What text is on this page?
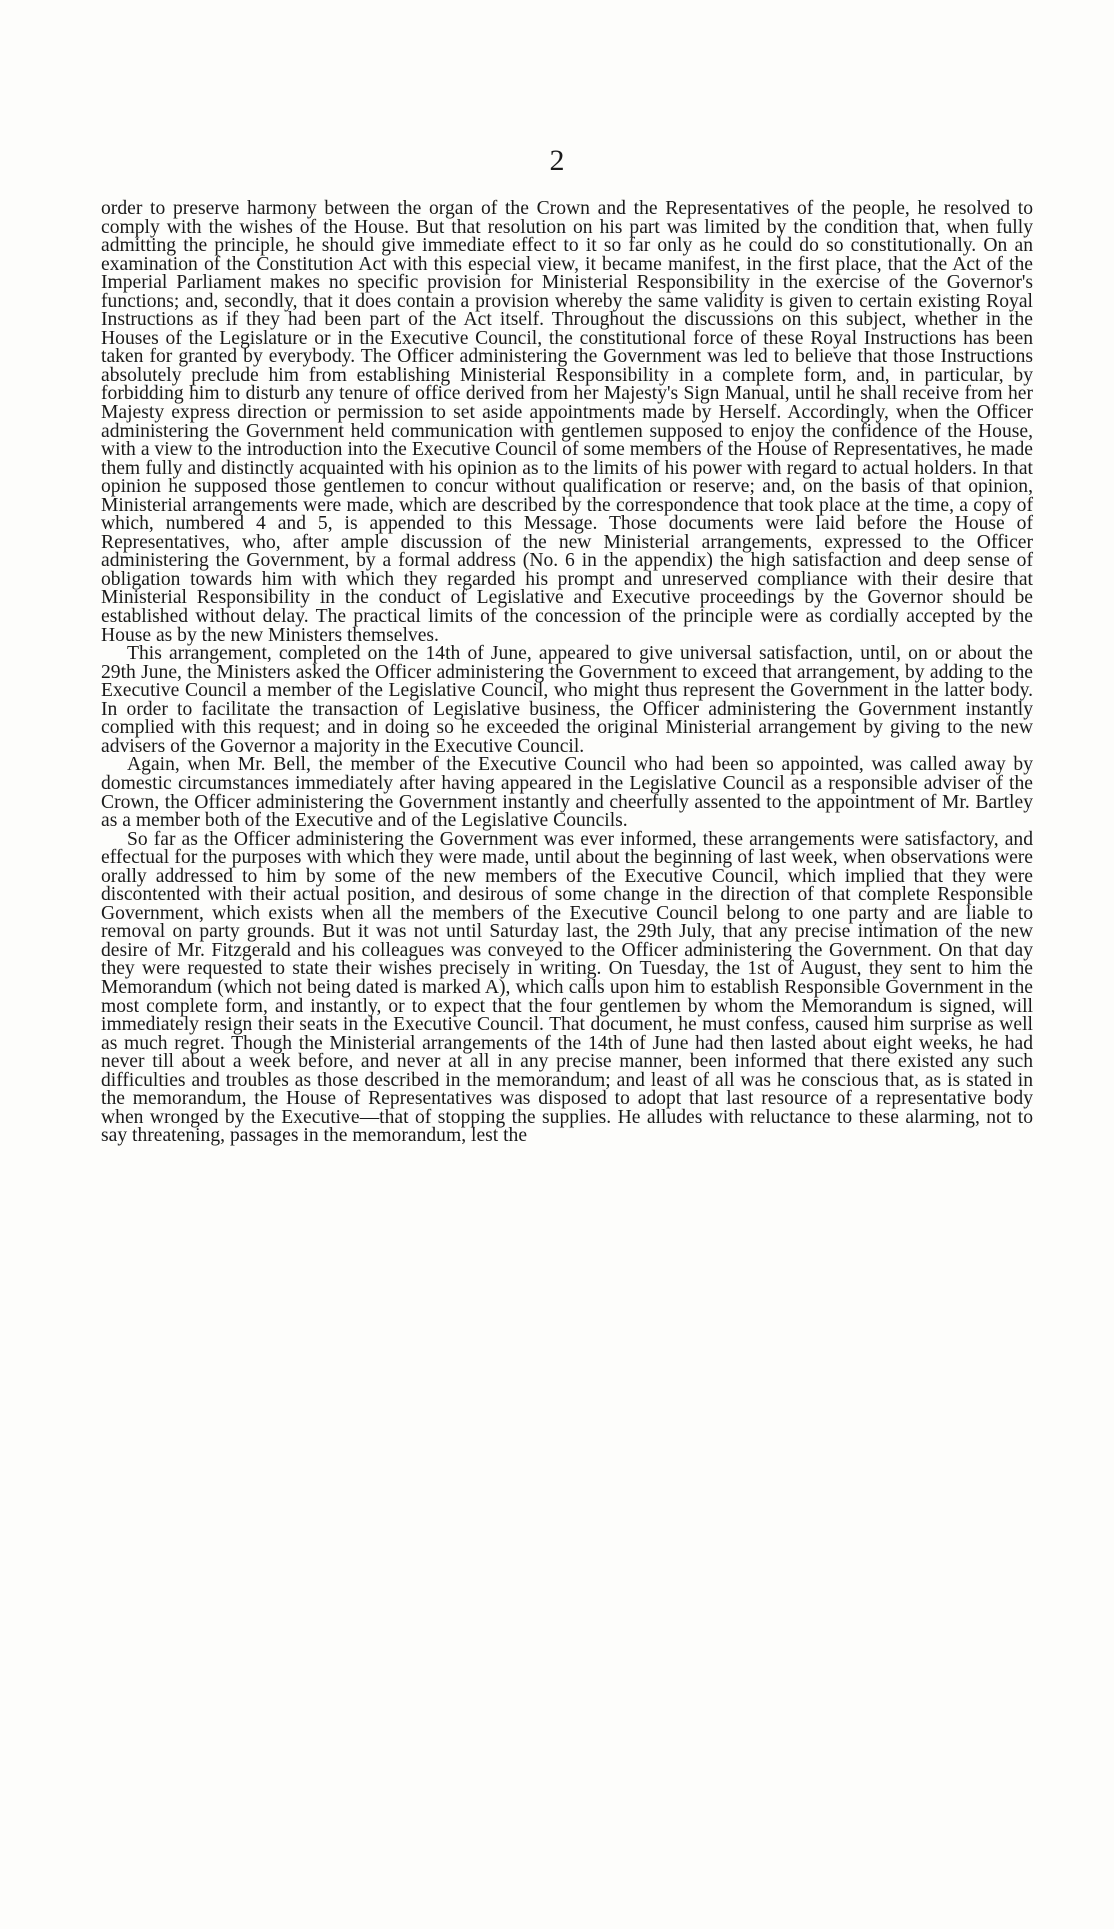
2

order to preserve harmony between the organ of the Crown and the Representatives of the people, he resolved to comply with the wishes of the House. But that resolution on his part was limited by the condition that, when fully admitting the principle, he should give immediate effect to it so far only as he could do so constitutionally. On an examination of the Constitution Act with this especial view, it became manifest, in the first place, that the Act of the Imperial Parliament makes no specific provision for Ministerial Responsibility in the exercise of the Governor's functions; and, secondly, that it does contain a provision whereby the same validity is given to certain existing Royal Instructions as if they had been part of the Act itself. Throughout the discussions on this subject, whether in the Houses of the Legislature or in the Executive Council, the constitutional force of these Royal Instructions has been taken for granted by everybody. The Officer administering the Government was led to believe that those Instructions absolutely preclude him from establishing Ministerial Responsibility in a complete form, and, in particular, by forbidding him to disturb any tenure of office derived from her Majesty's Sign Manual, until he shall receive from her Majesty express direction or permission to set aside appointments made by Herself. Accordingly, when the Officer administering the Government held communication with gentlemen supposed to enjoy the confidence of the House, with a view to the introduction into the Executive Council of some members of the House of Representatives, he made them fully and distinctly acquainted with his opinion as to the limits of his power with regard to actual holders. In that opinion he supposed those gentlemen to concur without qualification or reserve; and, on the basis of that opinion, Ministerial arrangements were made, which are described by the correspondence that took place at the time, a copy of which, numbered 4 and 5, is appended to this Message. Those documents were laid before the House of Representatives, who, after ample discussion of the new Ministerial arrangements, expressed to the Officer administering the Government, by a formal address (No. 6 in the appendix) the high satisfaction and deep sense of obligation towards him with which they regarded his prompt and unreserved compliance with their desire that Ministerial Responsibility in the conduct of Legislative and Executive proceedings by the Governor should be established without delay. The practical limits of the concession of the principle were as cordially accepted by the House as by the new Ministers themselves.

This arrangement, completed on the 14th of June, appeared to give universal satisfaction, until, on or about the 29th June, the Ministers asked the Officer administering the Government to exceed that arrangement, by adding to the Executive Council a member of the Legislative Council, who might thus represent the Government in the latter body. In order to facilitate the transaction of Legislative business, the Officer administering the Government instantly complied with this request; and in doing so he exceeded the original Ministerial arrangement by giving to the new advisers of the Governor a majority in the Executive Council.

Again, when Mr. Bell, the member of the Executive Council who had been so appointed, was called away by domestic circumstances immediately after having appeared in the Legislative Council as a responsible adviser of the Crown, the Officer administering the Government instantly and cheerfully assented to the appointment of Mr. Bartley as a member both of the Executive and of the Legislative Councils.

So far as the Officer administering the Government was ever informed, these arrangements were satisfactory, and effectual for the purposes with which they were made, until about the beginning of last week, when observations were orally addressed to him by some of the new members of the Executive Council, which implied that they were discontented with their actual position, and desirous of some change in the direction of that complete Responsible Government, which exists when all the members of the Executive Council belong to one party and are liable to removal on party grounds. But it was not until Saturday last, the 29th July, that any precise intimation of the new desire of Mr. Fitzgerald and his colleagues was conveyed to the Officer administering the Government. On that day they were requested to state their wishes precisely in writing. On Tuesday, the 1st of August, they sent to him the Memorandum (which not being dated is marked A), which calls upon him to establish Responsible Government in the most complete form, and instantly, or to expect that the four gentlemen by whom the Memorandum is signed, will immediately resign their seats in the Executive Council. That document, he must confess, caused him surprise as well as much regret. Though the Ministerial arrangements of the 14th of June had then lasted about eight weeks, he had never till about a week before, and never at all in any precise manner, been informed that there existed any such difficulties and troubles as those described in the memorandum; and least of all was he conscious that, as is stated in the memorandum, the House of Representatives was disposed to adopt that last resource of a representative body when wronged by the Executive—that of stopping the supplies. He alludes with reluctance to these alarming, not to say threatening, passages in the memorandum, lest the
